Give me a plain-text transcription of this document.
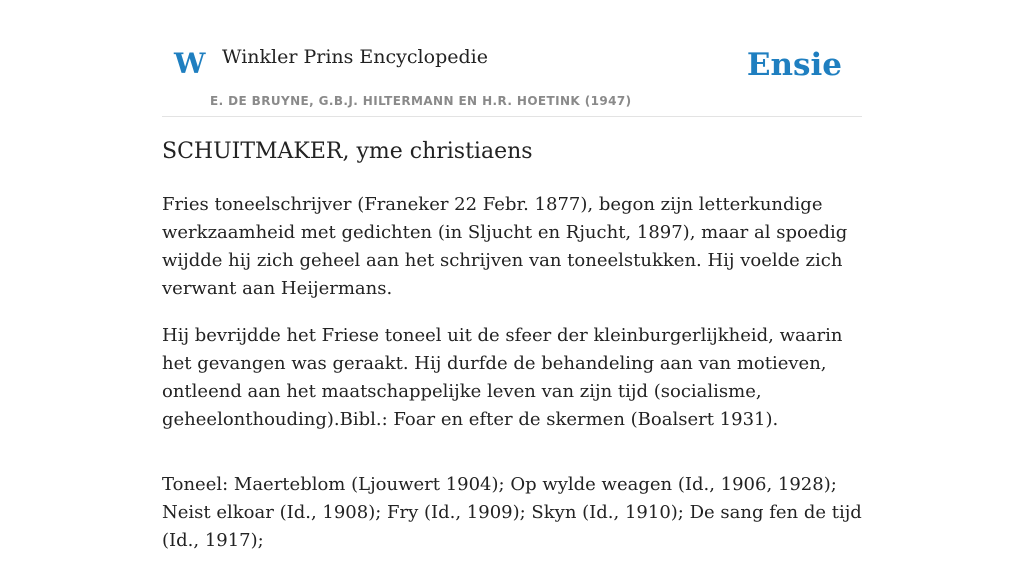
W Winkler Prins Encyclopedie
E. DE BRUYNE, G.B.J. HILTERMANN EN H.R. HOETINK (1947)
Ensie
SCHUITMAKER, yme christiaens

Fries toneelschrijver (Franeker 22 Febr. 1877), begon zijn letterkundige werkzaamheid met gedichten (in Sljucht en Rjucht, 1897), maar al spoedig wijdde hij zich geheel aan het schrijven van toneelstukken. Hij voelde zich verwant aan Heijermans.

Hij bevrijdde het Friese toneel uit de sfeer der kleinburgerlijkheid, waarin het gevangen was geraakt. Hij durfde de behandeling aan van motieven, ontleend aan het maatschappelijke leven van zijn tijd (socialisme, geheelonthouding).Bibl.: Foar en efter de skermen (Boalsert 1931).

Toneel: Maerteblom (Ljouwert 1904); Op wylde weagen (Id., 1906, 1928); Neist elkoar (Id., 1908); Fry (Id., 1909); Skyn (Id., 1910); De sang fen de tijd (Id., 1917);
